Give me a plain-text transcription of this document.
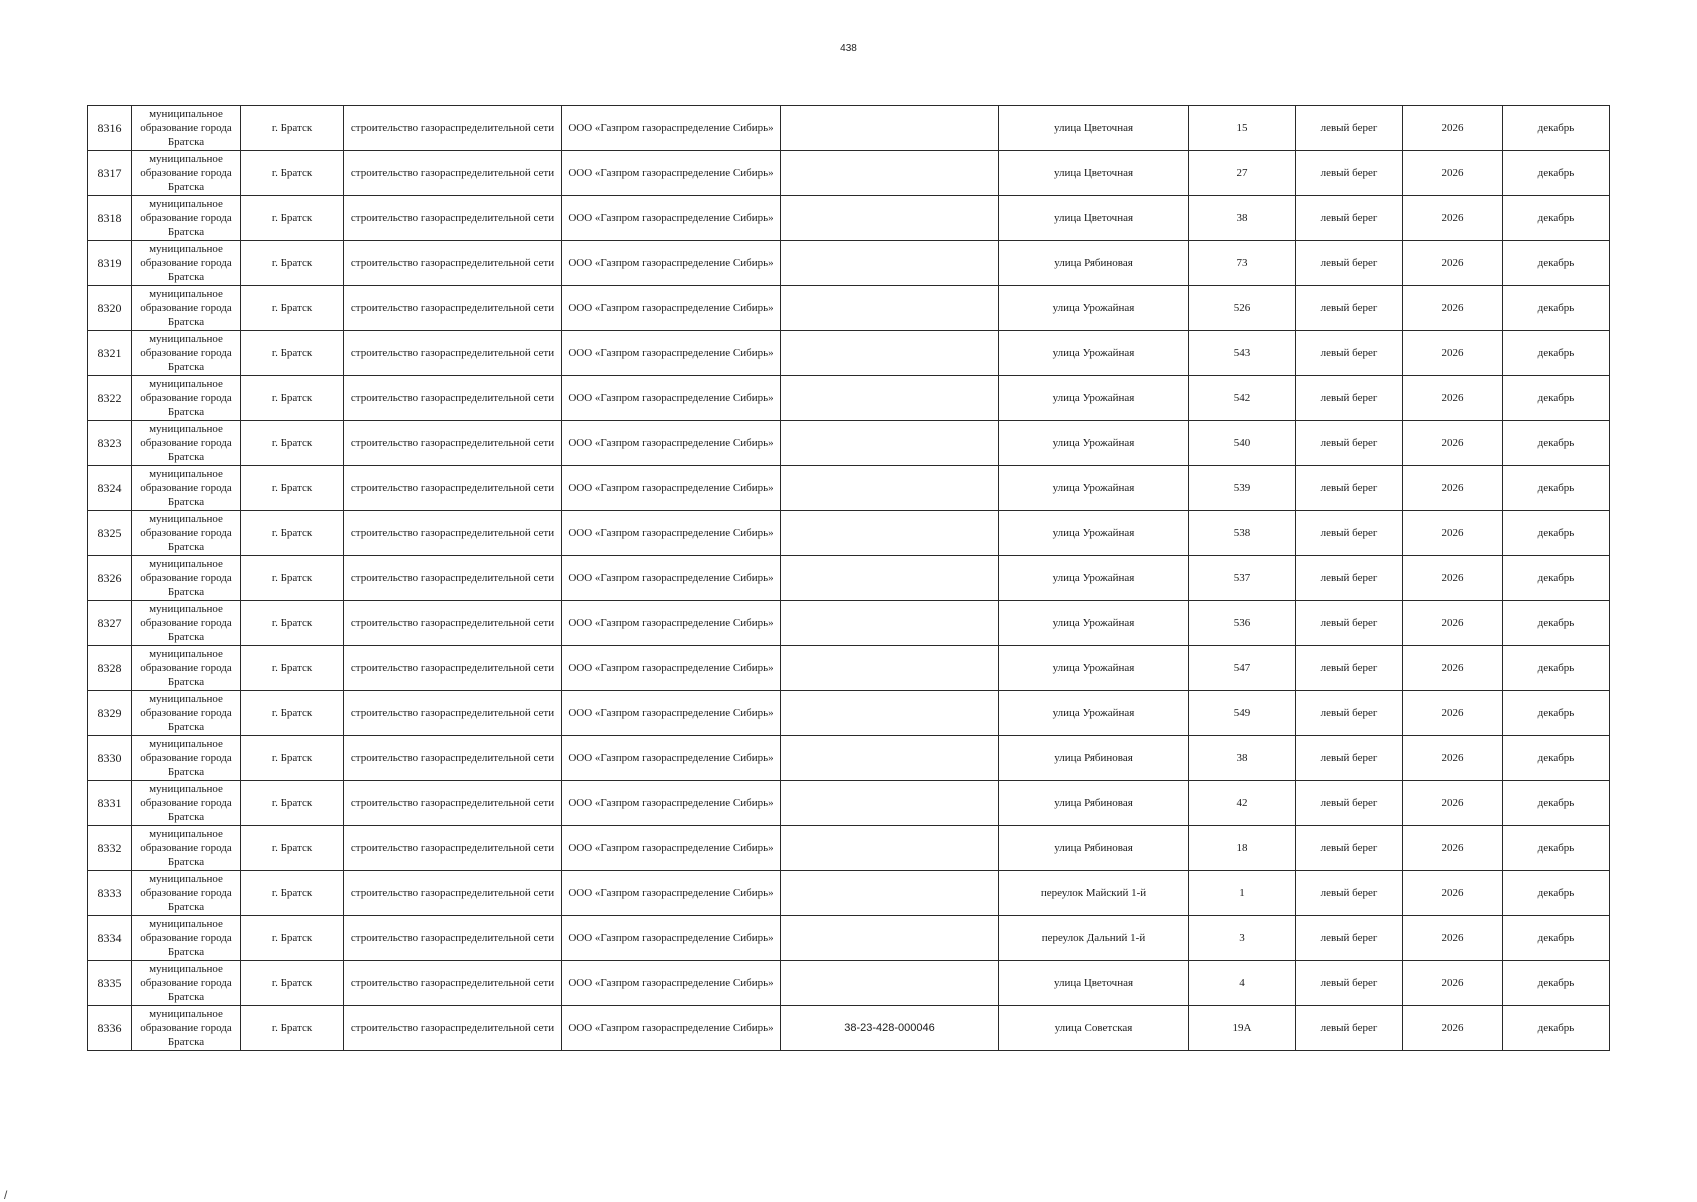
438
8316	муниципальное образование города Братска	г. Братск	строительство газораспределительной сети	ООО «Газпром газораспределение Сибирь»		улица Цветочная	15	левый берег	2026	декабрь
8317	муниципальное образование города Братска	г. Братск	строительство газораспределительной сети	ООО «Газпром газораспределение Сибирь»		улица Цветочная	27	левый берег	2026	декабрь
8318	муниципальное образование города Братска	г. Братск	строительство газораспределительной сети	ООО «Газпром газораспределение Сибирь»		улица Цветочная	38	левый берег	2026	декабрь
8319	муниципальное образование города Братска	г. Братск	строительство газораспределительной сети	ООО «Газпром газораспределение Сибирь»		улица Рябиновая	73	левый берег	2026	декабрь
8320	муниципальное образование города Братска	г. Братск	строительство газораспределительной сети	ООО «Газпром газораспределение Сибирь»		улица Урожайная	526	левый берег	2026	декабрь
8321	муниципальное образование города Братска	г. Братск	строительство газораспределительной сети	ООО «Газпром газораспределение Сибирь»		улица Урожайная	543	левый берег	2026	декабрь
8322	муниципальное образование города Братска	г. Братск	строительство газораспределительной сети	ООО «Газпром газораспределение Сибирь»		улица Урожайная	542	левый берег	2026	декабрь
8323	муниципальное образование города Братска	г. Братск	строительство газораспределительной сети	ООО «Газпром газораспределение Сибирь»		улица Урожайная	540	левый берег	2026	декабрь
8324	муниципальное образование города Братска	г. Братск	строительство газораспределительной сети	ООО «Газпром газораспределение Сибирь»		улица Урожайная	539	левый берег	2026	декабрь
8325	муниципальное образование города Братска	г. Братск	строительство газораспределительной сети	ООО «Газпром газораспределение Сибирь»		улица Урожайная	538	левый берег	2026	декабрь
8326	муниципальное образование города Братска	г. Братск	строительство газораспределительной сети	ООО «Газпром газораспределение Сибирь»		улица Урожайная	537	левый берег	2026	декабрь
8327	муниципальное образование города Братска	г. Братск	строительство газораспределительной сети	ООО «Газпром газораспределение Сибирь»		улица Урожайная	536	левый берег	2026	декабрь
8328	муниципальное образование города Братска	г. Братск	строительство газораспределительной сети	ООО «Газпром газораспределение Сибирь»		улица Урожайная	547	левый берег	2026	декабрь
8329	муниципальное образование города Братска	г. Братск	строительство газораспределительной сети	ООО «Газпром газораспределение Сибирь»		улица Урожайная	549	левый берег	2026	декабрь
8330	муниципальное образование города Братска	г. Братск	строительство газораспределительной сети	ООО «Газпром газораспределение Сибирь»		улица Рябиновая	38	левый берег	2026	декабрь
8331	муниципальное образование города Братска	г. Братск	строительство газораспределительной сети	ООО «Газпром газораспределение Сибирь»		улица Рябиновая	42	левый берег	2026	декабрь
8332	муниципальное образование города Братска	г. Братск	строительство газораспределительной сети	ООО «Газпром газораспределение Сибирь»		улица Рябиновая	18	левый берег	2026	декабрь
8333	муниципальное образование города Братска	г. Братск	строительство газораспределительной сети	ООО «Газпром газораспределение Сибирь»		переулок Майский 1-й	1	левый берег	2026	декабрь
8334	муниципальное образование города Братска	г. Братск	строительство газораспределительной сети	ООО «Газпром газораспределение Сибирь»		переулок Дальний 1-й	3	левый берег	2026	декабрь
8335	муниципальное образование города Братска	г. Братск	строительство газораспределительной сети	ООО «Газпром газораспределение Сибирь»		улица Цветочная	4	левый берег	2026	декабрь
8336	муниципальное образование города Братска	г. Братск	строительство газораспределительной сети	ООО «Газпром газораспределение Сибирь»	38-23-428-000046	улица Советская	19А	левый берег	2026	декабрь
/
